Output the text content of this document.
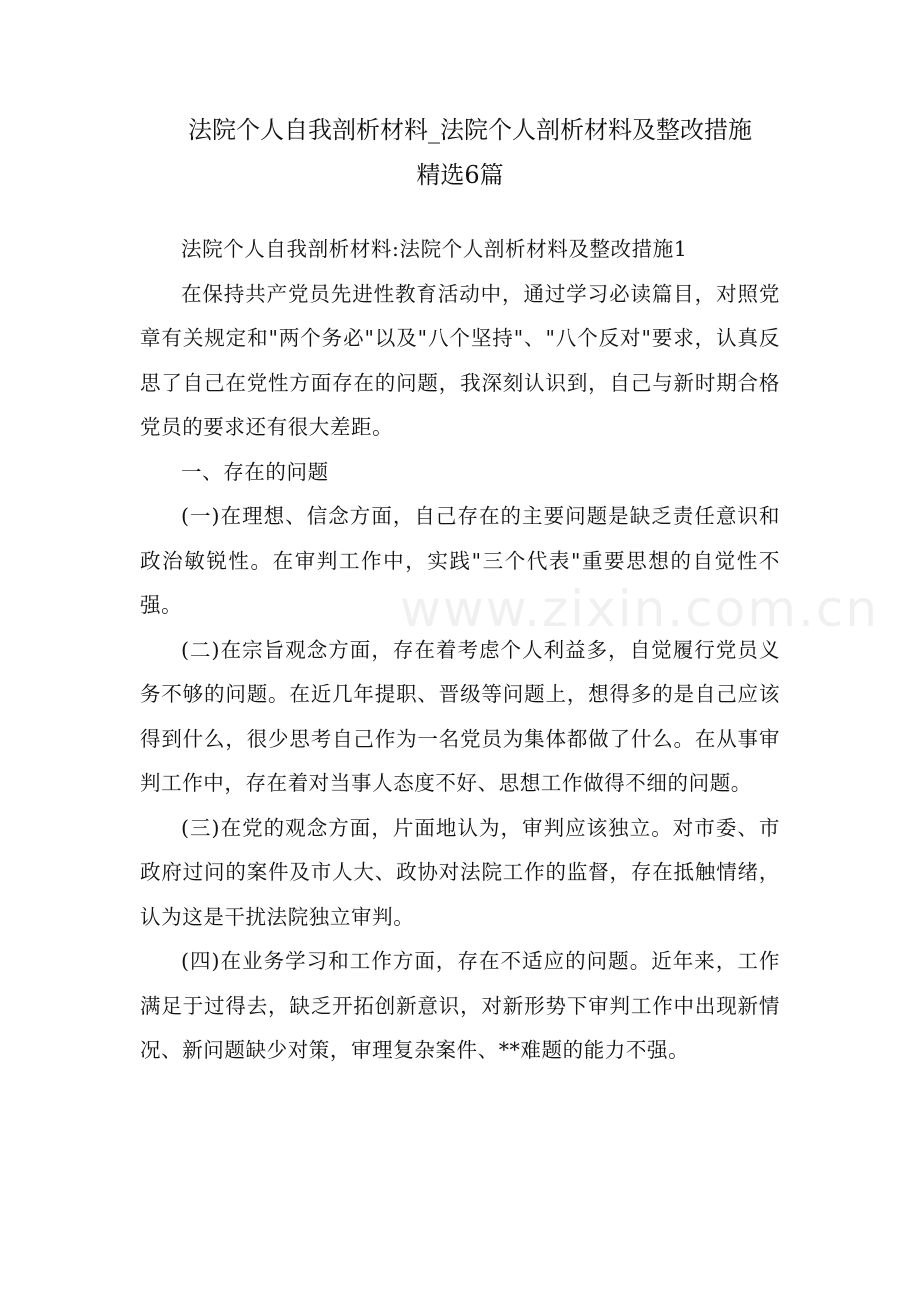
法院个人自我剖析材料_法院个人剖析材料及整改措施
精选6篇

法院个人自我剖析材料:法院个人剖析材料及整改措施1

在保持共产党员先进性教育活动中，通过学习必读篇目，对照党章有关规定和"两个务必"以及"八个坚持"、"八个反对"要求，认真反思了自己在党性方面存在的问题，我深刻认识到，自己与新时期合格党员的要求还有很大差距。

一、存在的问题

(一)在理想、信念方面，自己存在的主要问题是缺乏责任意识和政治敏锐性。在审判工作中，实践"三个代表"重要思想的自觉性不强。

(二)在宗旨观念方面，存在着考虑个人利益多，自觉履行党员义务不够的问题。在近几年提职、晋级等问题上，想得多的是自己应该得到什么，很少思考自己作为一名党员为集体都做了什么。在从事审判工作中，存在着对当事人态度不好、思想工作做得不细的问题。

(三)在党的观念方面，片面地认为，审判应该独立。对市委、市政府过问的案件及市人大、政协对法院工作的监督，存在抵触情绪，认为这是干扰法院独立审判。

(四)在业务学习和工作方面，存在不适应的问题。近年来，工作满足于过得去，缺乏开拓创新意识，对新形势下审判工作中出现新情况、新问题缺少对策，审理复杂案件、**难题的能力不强。

www.zixin.com.cn
